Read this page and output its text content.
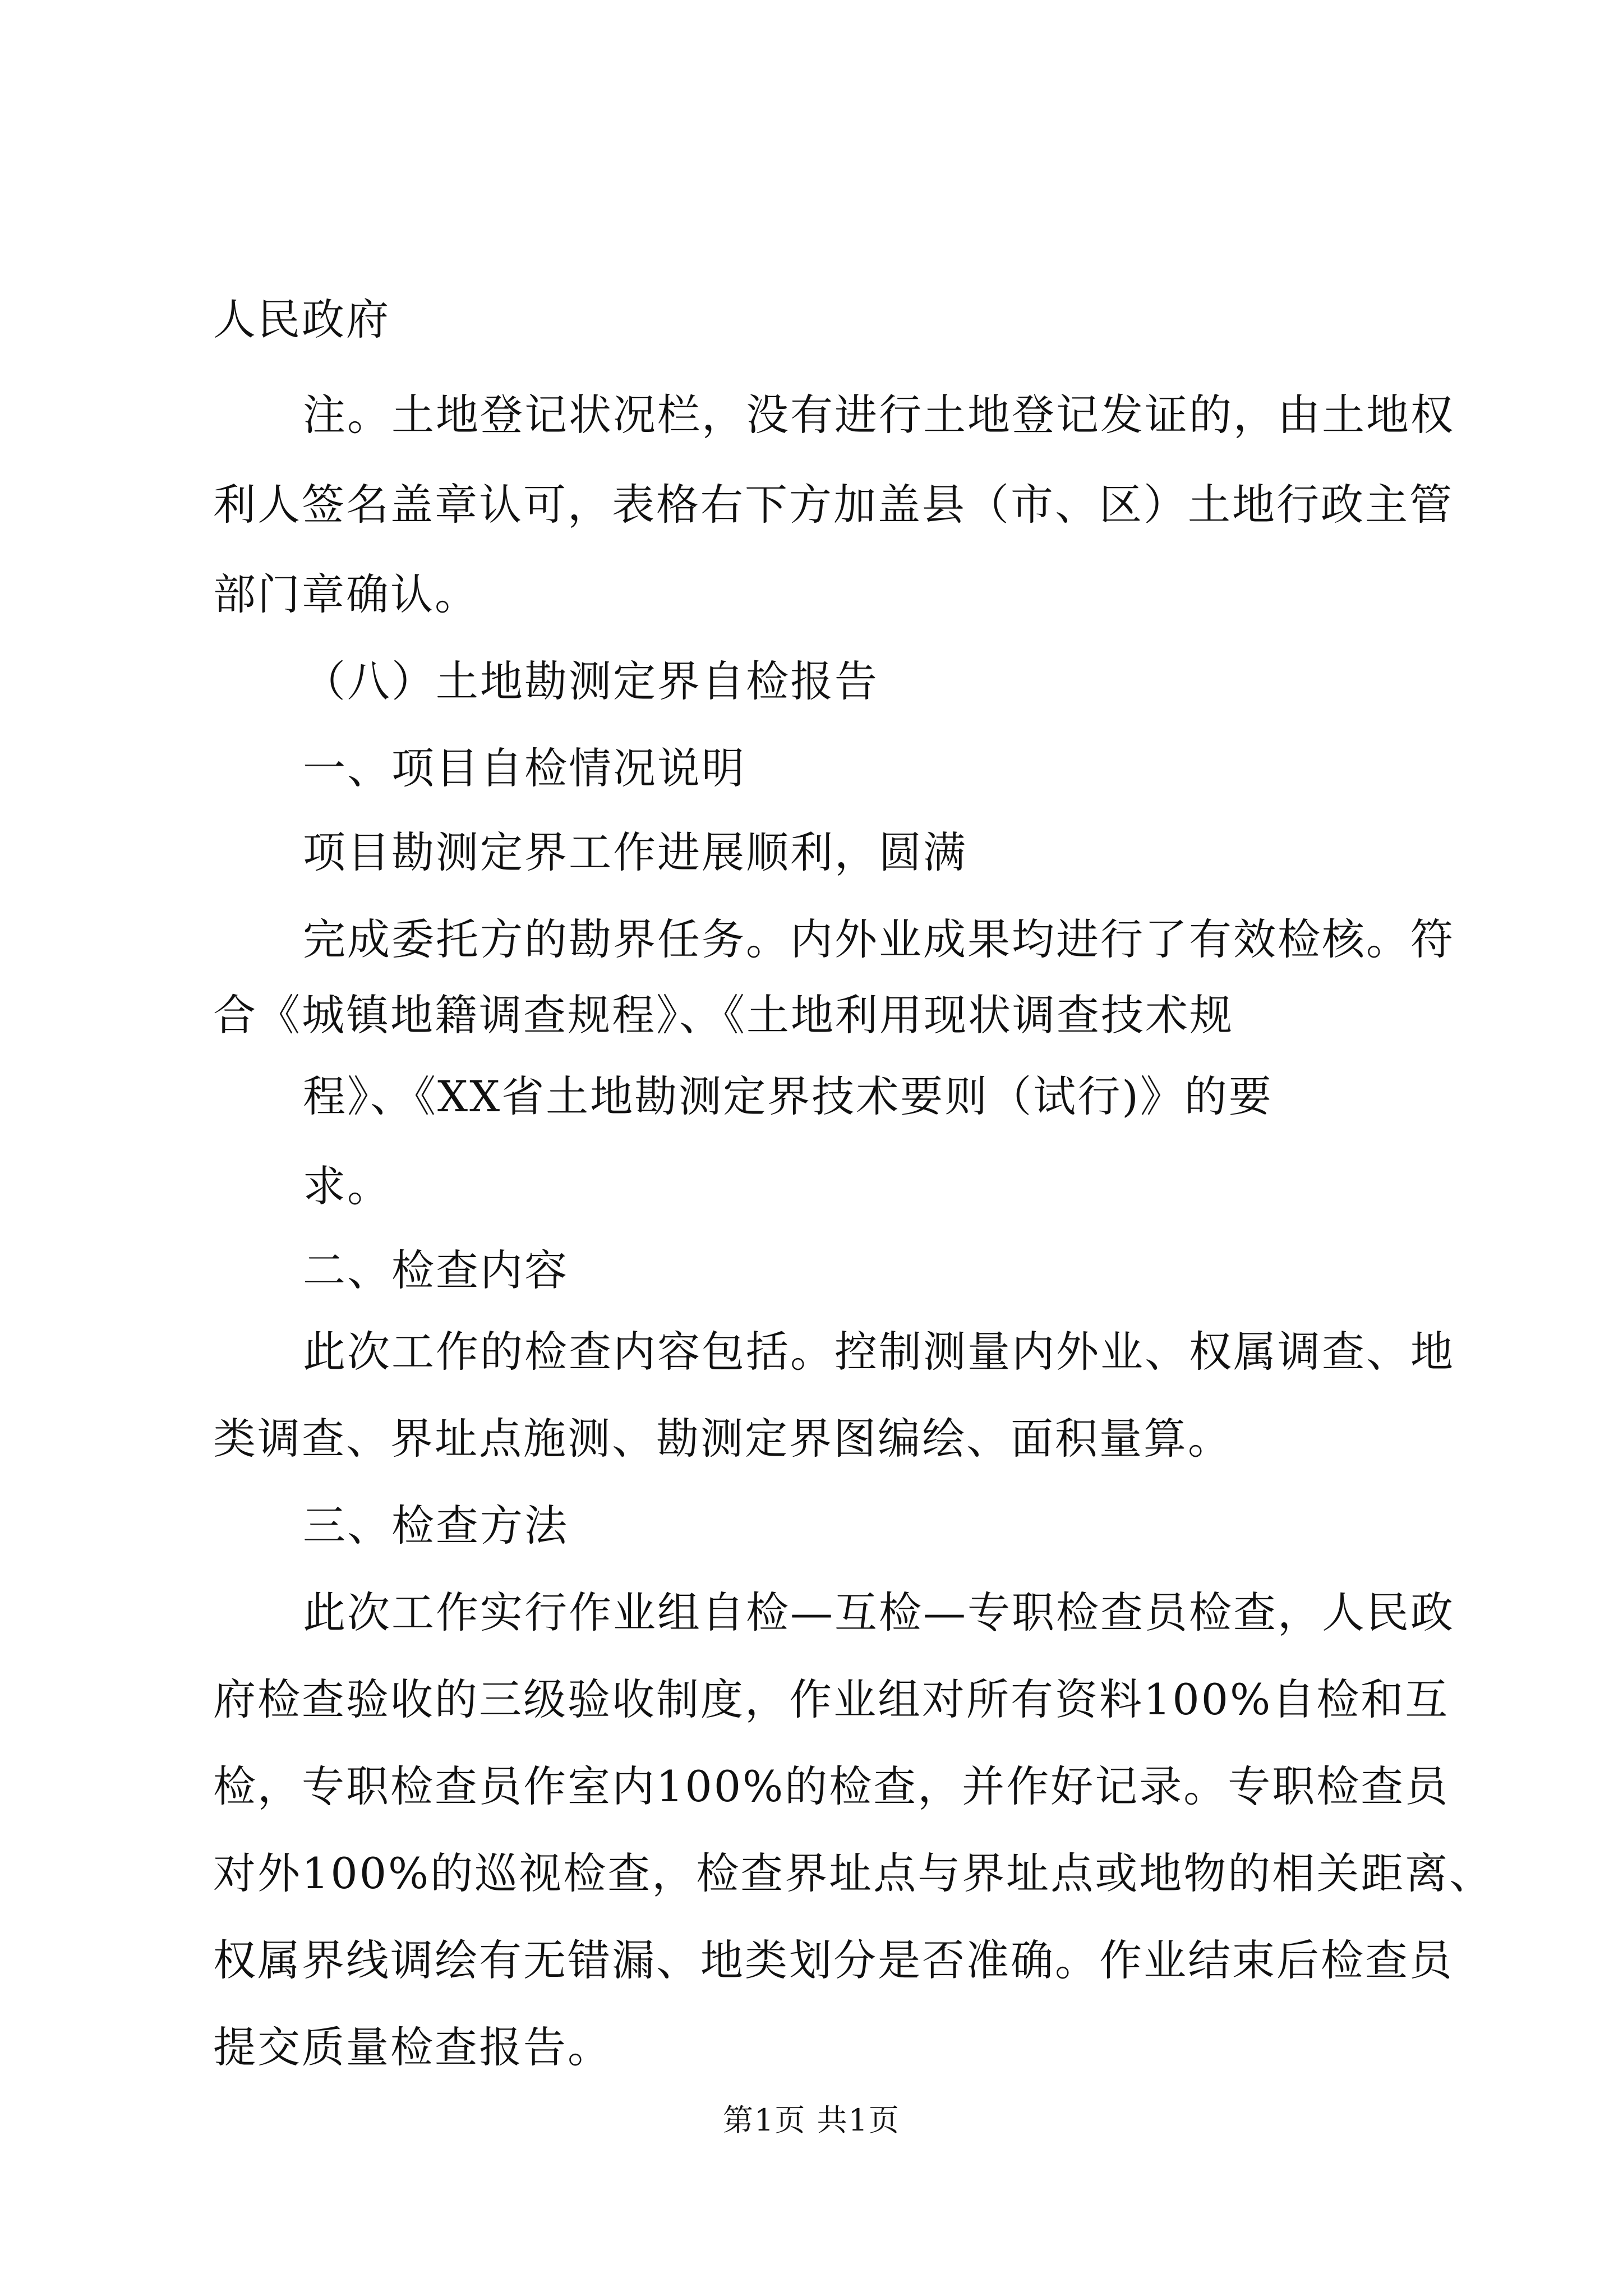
人民政府

注。土地登记状况栏，没有进行土地登记发证的，由土地权

利人签名盖章认可，表格右下方加盖县（市、区）土地行政主管

部门章确认。

（八）土地勘测定界自检报告

一、项目自检情况说明

项目勘测定界工作进展顺利，圆满

完成委托方的勘界任务。内外业成果均进行了有效检核。符

合《城镇地籍调查规程》、《土地利用现状调查技术规

程》、《XX省土地勘测定界技术要则（试行)》的要

求。

二、检查内容

此次工作的检查内容包括。控制测量内外业、权属调查、地

类调查、界址点施测、勘测定界图编绘、面积量算。

三、检查方法

此次工作实行作业组自检—互检—专职检查员检查，人民政

府检查验收的三级验收制度，作业组对所有资料100%自检和互

检，专职检查员作室内100%的检查，并作好记录。专职检查员

对外100%的巡视检查，检查界址点与界址点或地物的相关距离、

权属界线调绘有无错漏、地类划分是否准确。作业结束后检查员

提交质量检查报告。

第1页 共1页
